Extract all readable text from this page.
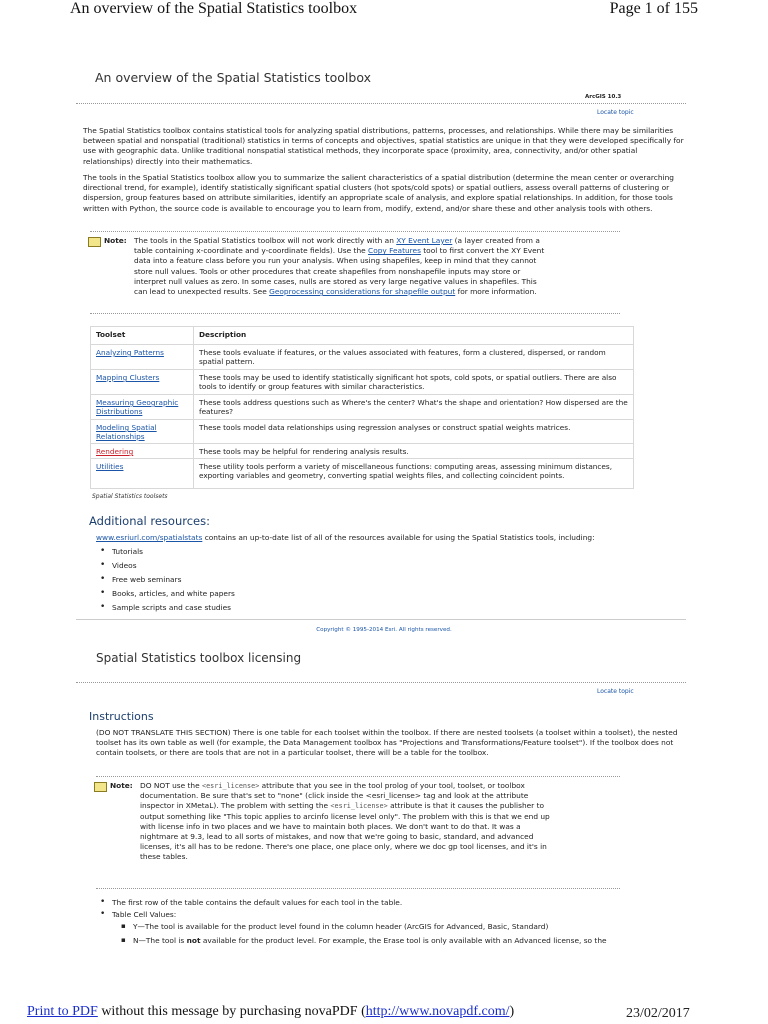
An overview of the Spatial Statistics toolbox	Page 1 of 155
An overview of the Spatial Statistics toolbox
ArcGIS 10.3
Locate topic
The Spatial Statistics toolbox contains statistical tools for analyzing spatial distributions, patterns, processes, and relationships. While there may be similarities between spatial and nonspatial (traditional) statistics in terms of concepts and objectives, spatial statistics are unique in that they were developed specifically for use with geographic data. Unlike traditional nonspatial statistical methods, they incorporate space (proximity, area, connectivity, and/or other spatial relationships) directly into their mathematics.
The tools in the Spatial Statistics toolbox allow you to summarize the salient characteristics of a spatial distribution (determine the mean center or overarching directional trend, for example), identify statistically significant spatial clusters (hot spots/cold spots) or spatial outliers, assess overall patterns of clustering or dispersion, group features based on attribute similarities, identify an appropriate scale of analysis, and explore spatial relationships. In addition, for those tools written with Python, the source code is available to encourage you to learn from, modify, extend, and/or share these and other analysis tools with others.
Note: The tools in the Spatial Statistics toolbox will not work directly with an XY Event Layer (a layer created from a table containing x-coordinate and y-coordinate fields). Use the Copy Features tool to first convert the XY Event data into a feature class before you run your analysis. When using shapefiles, keep in mind that they cannot store null values. Tools or other procedures that create shapefiles from nonshapefile inputs may store or interpret null values as zero. In some cases, nulls are stored as very large negative values in shapefiles. This can lead to unexpected results. See Geoprocessing considerations for shapefile output for more information.
Toolset	Description
Analyzing Patterns	These tools evaluate if features, or the values associated with features, form a clustered, dispersed, or random spatial pattern.
Mapping Clusters	These tools may be used to identify statistically significant hot spots, cold spots, or spatial outliers. There are also tools to identify or group features with similar characteristics.
Measuring Geographic Distributions	These tools address questions such as Where's the center? What's the shape and orientation? How dispersed are the features?
Modeling Spatial Relationships	These tools model data relationships using regression analyses or construct spatial weights matrices.
Rendering	These tools may be helpful for rendering analysis results.
Utilities	These utility tools perform a variety of miscellaneous functions: computing areas, assessing minimum distances, exporting variables and geometry, converting spatial weights files, and collecting coincident points.
Spatial Statistics toolsets
Additional resources:
www.esriurl.com/spatialstats contains an up-to-date list of all of the resources available for using the Spatial Statistics tools, including:
• Tutorials
• Videos
• Free web seminars
• Books, articles, and white papers
• Sample scripts and case studies
Copyright © 1995-2014 Esri. All rights reserved.
Spatial Statistics toolbox licensing
Locate topic
Instructions
(DO NOT TRANSLATE THIS SECTION) There is one table for each toolset within the toolbox. If there are nested toolsets (a toolset within a toolset), the nested toolset has its own table as well (for example, the Data Management toolbox has "Projections and Transformations/Feature toolset"). If the toolbox does not contain toolsets, or there are tools that are not in a particular toolset, there will be a table for the toolbox.
Note: DO NOT use the <esri_license> attribute that you see in the tool prolog of your tool, toolset, or toolbox documentation. Be sure that's set to "none" (click inside the <esri_license> tag and look at the attribute inspector in XMetaL). The problem with setting the <esri_license> attribute is that it causes the publisher to output something like "This topic applies to arcinfo license level only". The problem with this is that we end up with license info in two places and we have to maintain both places. We don't want to do that. It was a nightmare at 9.3, lead to all sorts of mistakes, and now that we're going to basic, standard, and advanced licenses, it's all has to be redone. There's one place, one place only, where we doc gp tool licenses, and it's in these tables.
• The first row of the table contains the default values for each tool in the table.
• Table Cell Values:
▪ Y—The tool is available for the product level found in the column header (ArcGIS for Advanced, Basic, Standard)
▪ N—The tool is not available for the product level. For example, the Erase tool is only available with an Advanced license, so the
Print to PDF without this message by purchasing novaPDF (http://www.novapdf.com/)	23/02/2017
